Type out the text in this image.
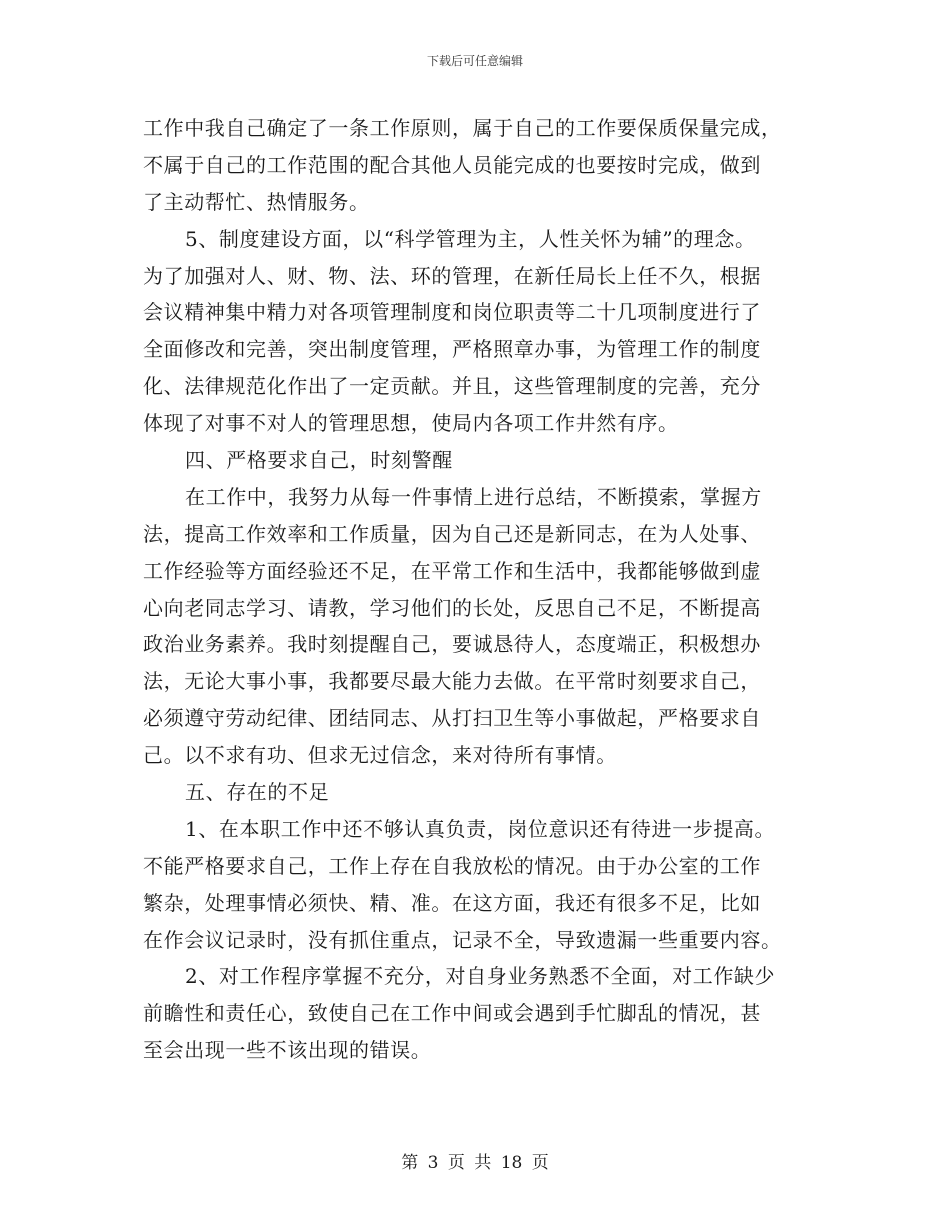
下载后可任意编辑
工作中我自己确定了一条工作原则，属于自己的工作要保质保量完成，
不属于自己的工作范围的配合其他人员能完成的也要按时完成，做到
了主动帮忙、热情服务。
5、制度建设方面，以“科学管理为主，人性关怀为辅”的理念。
为了加强对人、财、物、法、环的管理，在新任局长上任不久，根据
会议精神集中精力对各项管理制度和岗位职责等二十几项制度进行了
全面修改和完善，突出制度管理，严格照章办事，为管理工作的制度
化、法律规范化作出了一定贡献。并且，这些管理制度的完善，充分
体现了对事不对人的管理思想，使局内各项工作井然有序。
四、严格要求自己，时刻警醒
在工作中，我努力从每一件事情上进行总结，不断摸索，掌握方
法，提高工作效率和工作质量，因为自己还是新同志，在为人处事、
工作经验等方面经验还不足，在平常工作和生活中，我都能够做到虚
心向老同志学习、请教，学习他们的长处，反思自己不足，不断提高
政治业务素养。我时刻提醒自己，要诚恳待人，态度端正，积极想办
法，无论大事小事，我都要尽最大能力去做。在平常时刻要求自己，
必须遵守劳动纪律、团结同志、从打扫卫生等小事做起，严格要求自
己。以不求有功、但求无过信念，来对待所有事情。
五、存在的不足
1、在本职工作中还不够认真负责，岗位意识还有待进一步提高。
不能严格要求自己，工作上存在自我放松的情况。由于办公室的工作
繁杂，处理事情必须快、精、准。在这方面，我还有很多不足，比如
在作会议记录时，没有抓住重点，记录不全，导致遗漏一些重要内容。
2、对工作程序掌握不充分，对自身业务熟悉不全面，对工作缺少
前瞻性和责任心，致使自己在工作中间或会遇到手忙脚乱的情况，甚
至会出现一些不该出现的错误。
第 3 页 共 18 页
